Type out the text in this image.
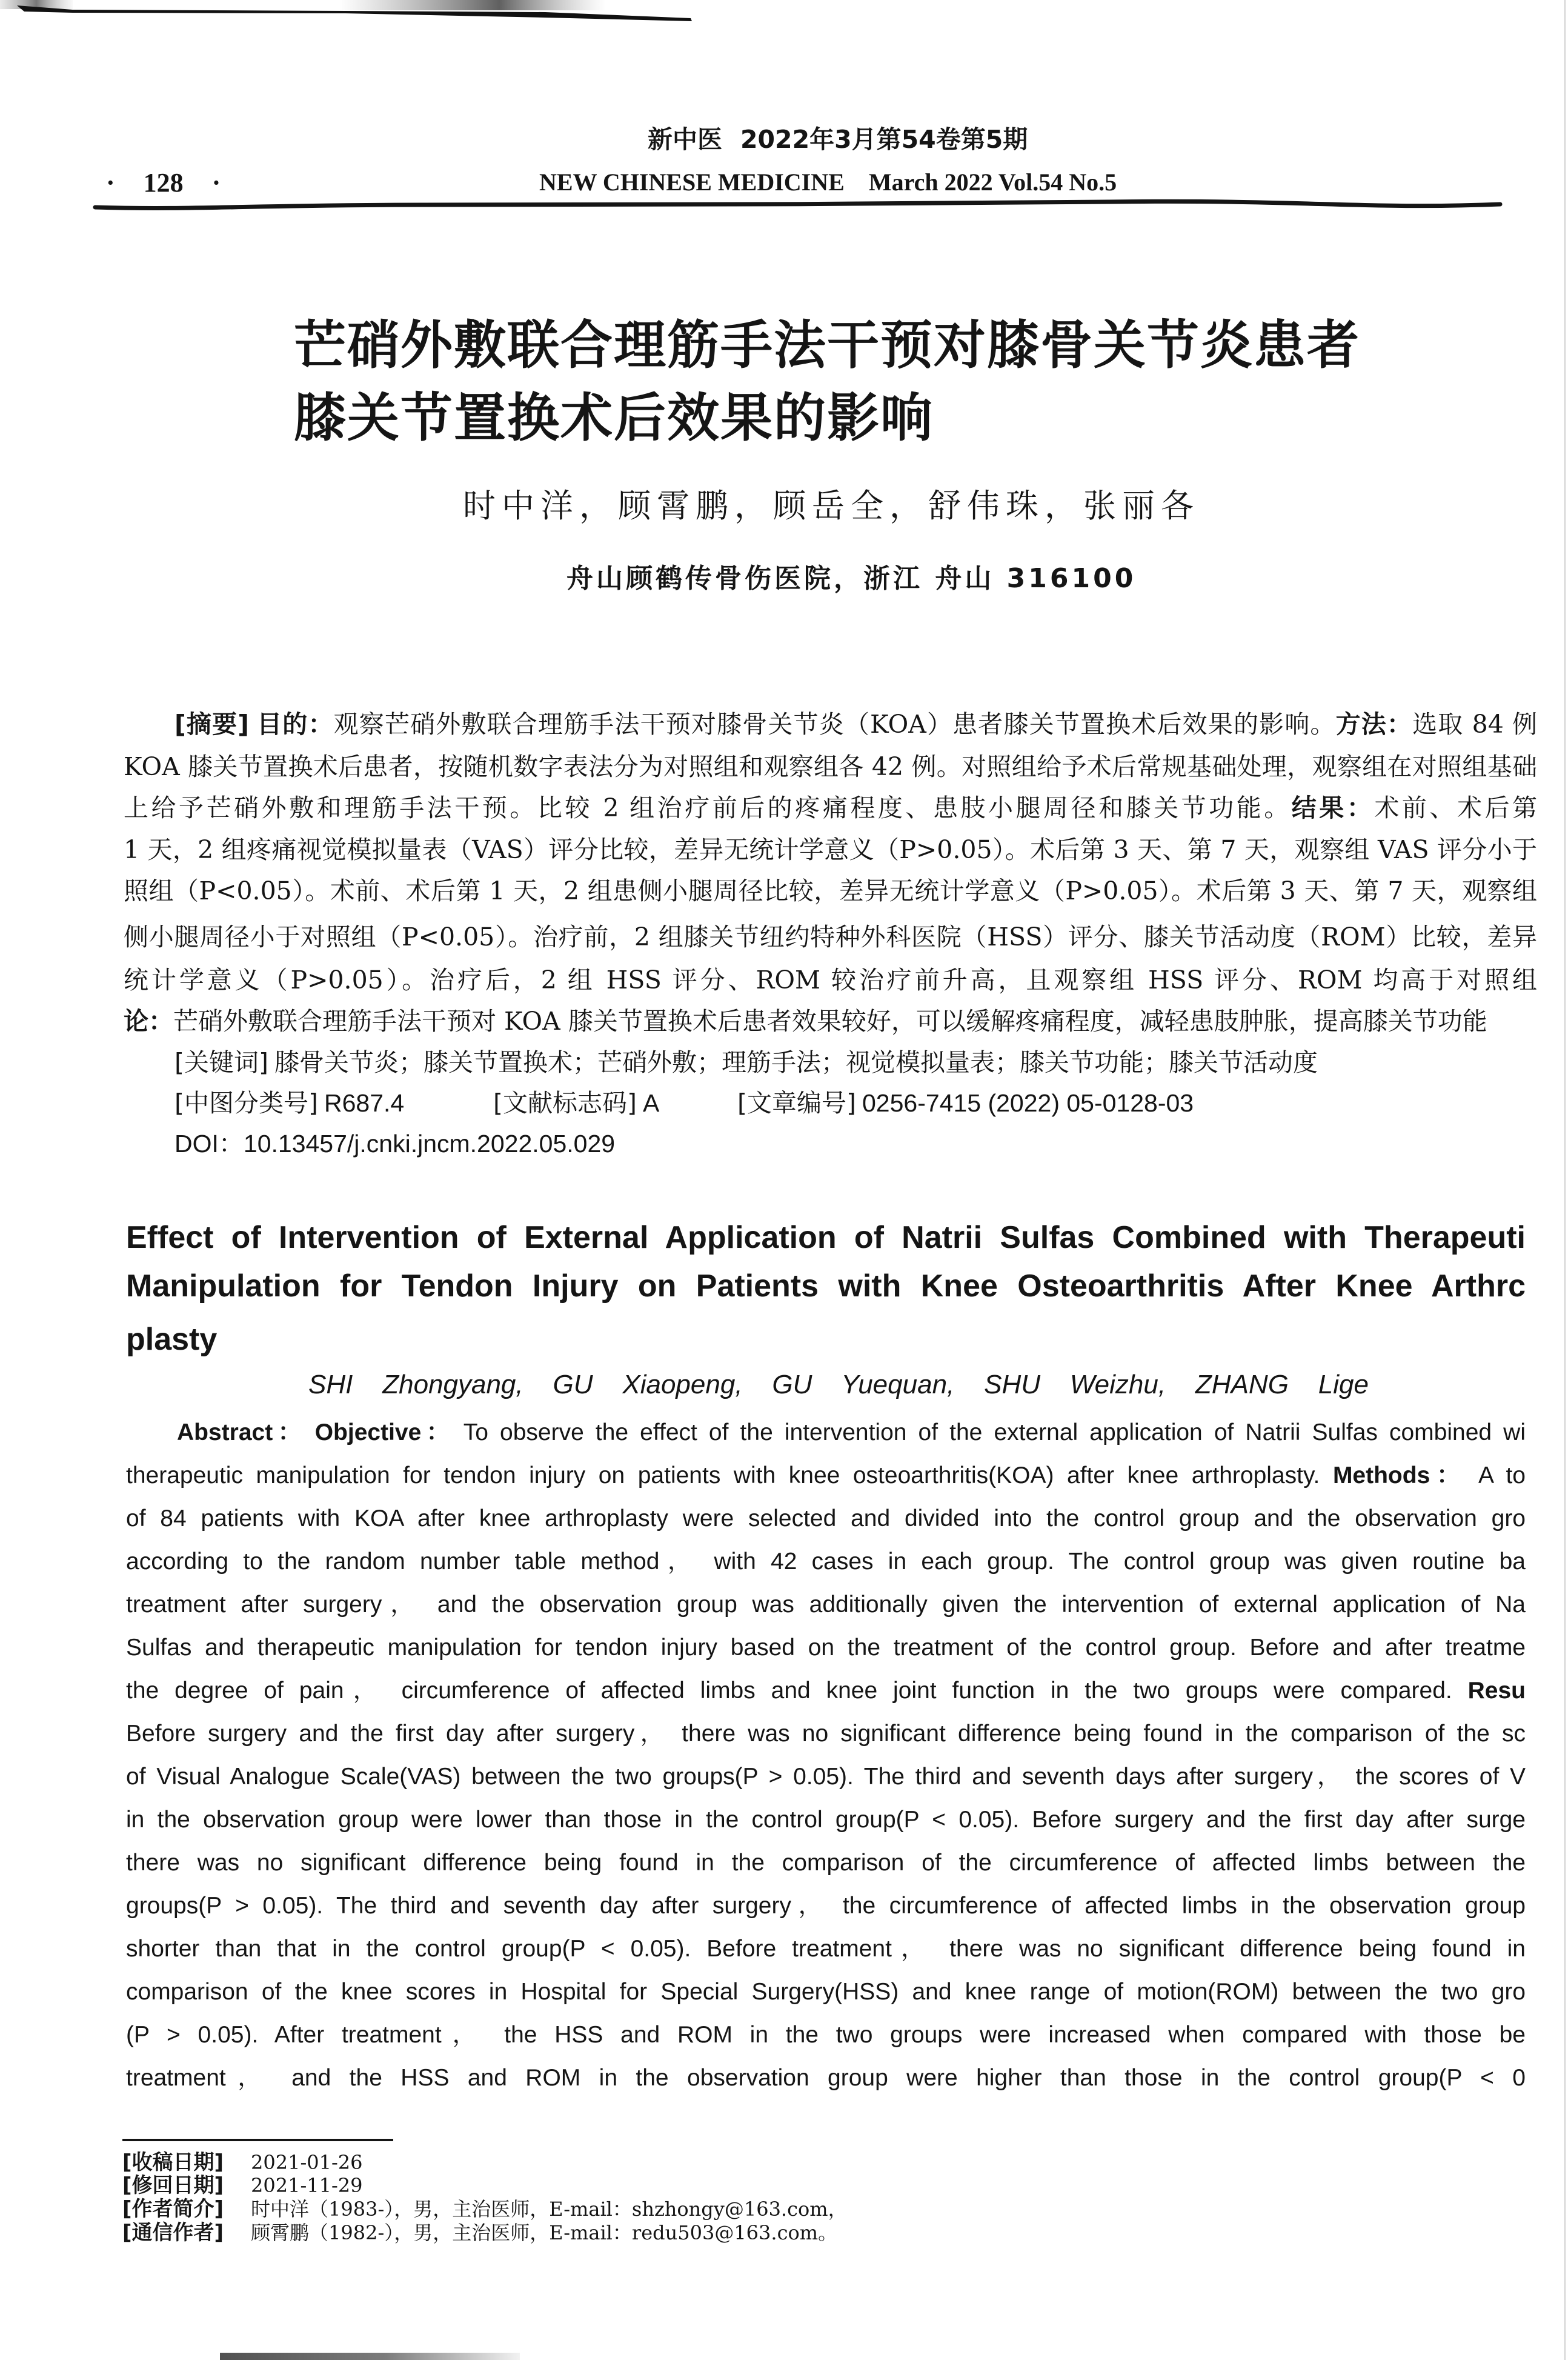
新中医 2022年3月第54卷第5期
· 128 ·	NEW CHINESE MEDICINE March 2022 Vol.54 No.5
芒硝外敷联合理筋手法干预对膝骨关节炎患者
膝关节置换术后效果的影响
时中洋，顾霄鹏，顾岳全，舒伟珠，张丽各
舟山顾鹤传骨伤医院，浙江 舟山 316100
[摘要] 目的：观察芒硝外敷联合理筋手法干预对膝骨关节炎（KOA）患者膝关节置换术后效果的影响。方法：选取 84 例
KOA 膝关节置换术后患者，按随机数字表法分为对照组和观察组各 42 例。对照组给予术后常规基础处理，观察组在对照组基础
上给予芒硝外敷和理筋手法干预。比较 2 组治疗前后的疼痛程度、患肢小腿周径和膝关节功能。结果：术前、术后第
1 天，2 组疼痛视觉模拟量表（VAS）评分比较，差异无统计学意义（P>0.05）。术后第 3 天、第 7 天，观察组 VAS 评分小于
照组（P<0.05）。术前、术后第 1 天，2 组患侧小腿周径比较，差异无统计学意义（P>0.05）。术后第 3 天、第 7 天，观察组
侧小腿周径小于对照组（P<0.05）。治疗前，2 组膝关节纽约特种外科医院（HSS）评分、膝关节活动度（ROM）比较，差异
统计学意义（P>0.05）。治疗后，2 组 HSS 评分、ROM 较治疗前升高，且观察组 HSS 评分、ROM 均高于对照组
论：芒硝外敷联合理筋手法干预对 KOA 膝关节置换术后患者效果较好，可以缓解疼痛程度，减轻患肢肿胀，提高膝关节功能
[关键词] 膝骨关节炎；膝关节置换术；芒硝外敷；理筋手法；视觉模拟量表；膝关节功能；膝关节活动度
[中图分类号] R687.4	[文献标志码] A	[文章编号] 0256-7415 (2022) 05-0128-03
DOI：10.13457/j.cnki.jncm.2022.05.029
Effect of Intervention of External Application of Natrii Sulfas Combined with Therapeuti
Manipulation for Tendon Injury on Patients with Knee Osteoarthritis After Knee Arthrc
plasty
SHI Zhongyang, GU Xiaopeng, GU Yuequan, SHU Weizhu, ZHANG Lige
Abstract： Objective： To observe the effect of the intervention of the external application of Natrii Sulfas combined wi
therapeutic manipulation for tendon injury on patients with knee osteoarthritis(KOA) after knee arthroplasty. Methods： A to
of 84 patients with KOA after knee arthroplasty were selected and divided into the control group and the observation gro
according to the random number table method， with 42 cases in each group. The control group was given routine ba
treatment after surgery， and the observation group was additionally given the intervention of external application of Na
Sulfas and therapeutic manipulation for tendon injury based on the treatment of the control group. Before and after treatme
the degree of pain， circumference of affected limbs and knee joint function in the two groups were compared. Resu
Before surgery and the first day after surgery， there was no significant difference being found in the comparison of the sc
of Visual Analogue Scale(VAS) between the two groups(P > 0.05). The third and seventh days after surgery， the scores of V
in the observation group were lower than those in the control group(P < 0.05). Before surgery and the first day after surge
there was no significant difference being found in the comparison of the circumference of affected limbs between the
groups(P > 0.05). The third and seventh day after surgery， the circumference of affected limbs in the observation group
shorter than that in the control group(P < 0.05). Before treatment， there was no significant difference being found in
comparison of the knee scores in Hospital for Special Surgery(HSS) and knee range of motion(ROM) between the two gro
(P > 0.05). After treatment， the HSS and ROM in the two groups were increased when compared with those be
treatment， and the HSS and ROM in the observation group were higher than those in the control group(P < 0
[收稿日期] 2021-01-26
[修回日期] 2021-11-29
[作者简介] 时中洋（1983-），男，主治医师，E-mail：shzhongy@163.com，
[通信作者] 顾霄鹏（1982-），男，主治医师，E-mail：redu503@163.com。
